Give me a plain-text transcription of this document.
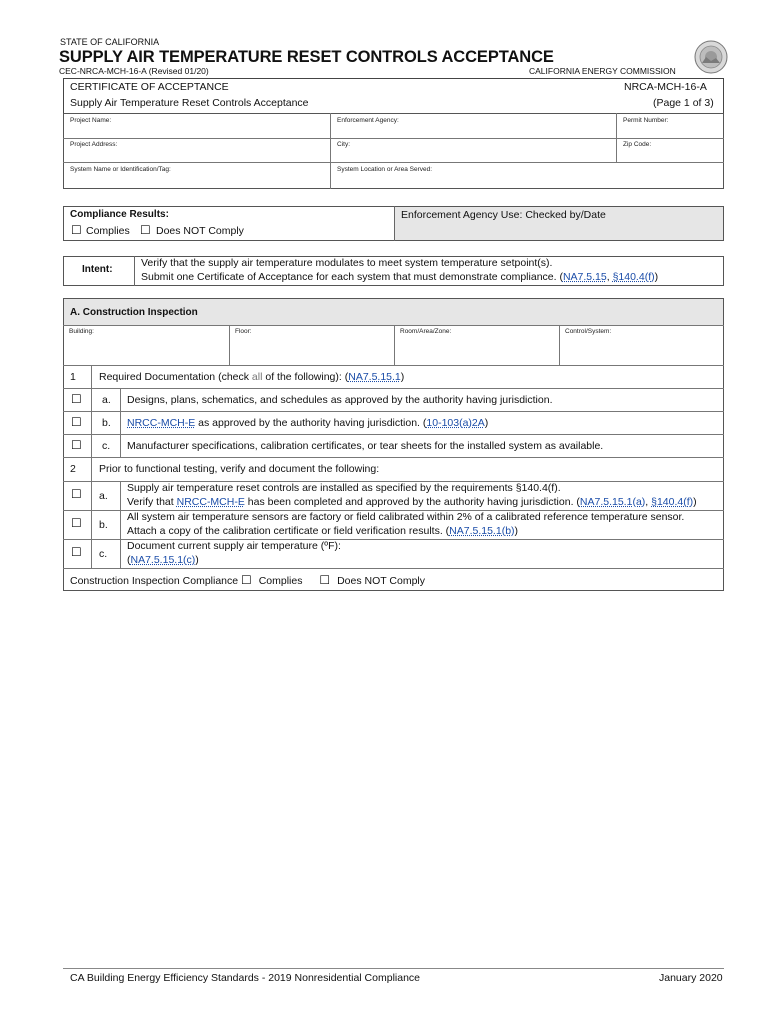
STATE OF CALIFORNIA
SUPPLY AIR TEMPERATURE RESET CONTROLS ACCEPTANCE
CEC-NRCA-MCH-16-A (Revised 01/20)	CALIFORNIA ENERGY COMMISSION
CERTIFICATE OF ACCEPTANCE	NRCA-MCH-16-A
Supply Air Temperature Reset Controls Acceptance	(Page 1 of 3)
Project Name:	Enforcement Agency:	Permit Number:
Project Address:	City:	Zip Code:
System Name or Identification/Tag:	System Location or Area Served:
Compliance Results:
☐ Complies ☐ Does NOT Comply
Enforcement Agency Use: Checked by/Date
Intent:
Verify that the supply air temperature modulates to meet system temperature setpoint(s).
Submit one Certificate of Acceptance for each system that must demonstrate compliance. (NA7.5.15, §140.4(f))
A. Construction Inspection
Building:	Floor:	Room/Area/Zone:	Control/System:
1 Required Documentation (check all of the following): (NA7.5.15.1)
☐ a. Designs, plans, schematics, and schedules as approved by the authority having jurisdiction.
☐ b. NRCC-MCH-E as approved by the authority having jurisdiction. (10-103(a)2A)
☐ c. Manufacturer specifications, calibration certificates, or tear sheets for the installed system as available.
2 Prior to functional testing, verify and document the following:
☐ a.
Supply air temperature reset controls are installed as specified by the requirements §140.4(f).
Verify that NRCC-MCH-E has been completed and approved by the authority having jurisdiction. (NA7.5.15.1(a), §140.4(f))
☐ b.
All system air temperature sensors are factory or field calibrated within 2% of a calibrated reference temperature sensor.
Attach a copy of the calibration certificate or field verification results. (NA7.5.15.1(b))
☐ c.
Document current supply air temperature (ºF):
(NA7.5.15.1(c))
Construction Inspection Compliance ☐ Complies ☐ Does NOT Comply
CA Building Energy Efficiency Standards - 2019 Nonresidential Compliance	January 2020
